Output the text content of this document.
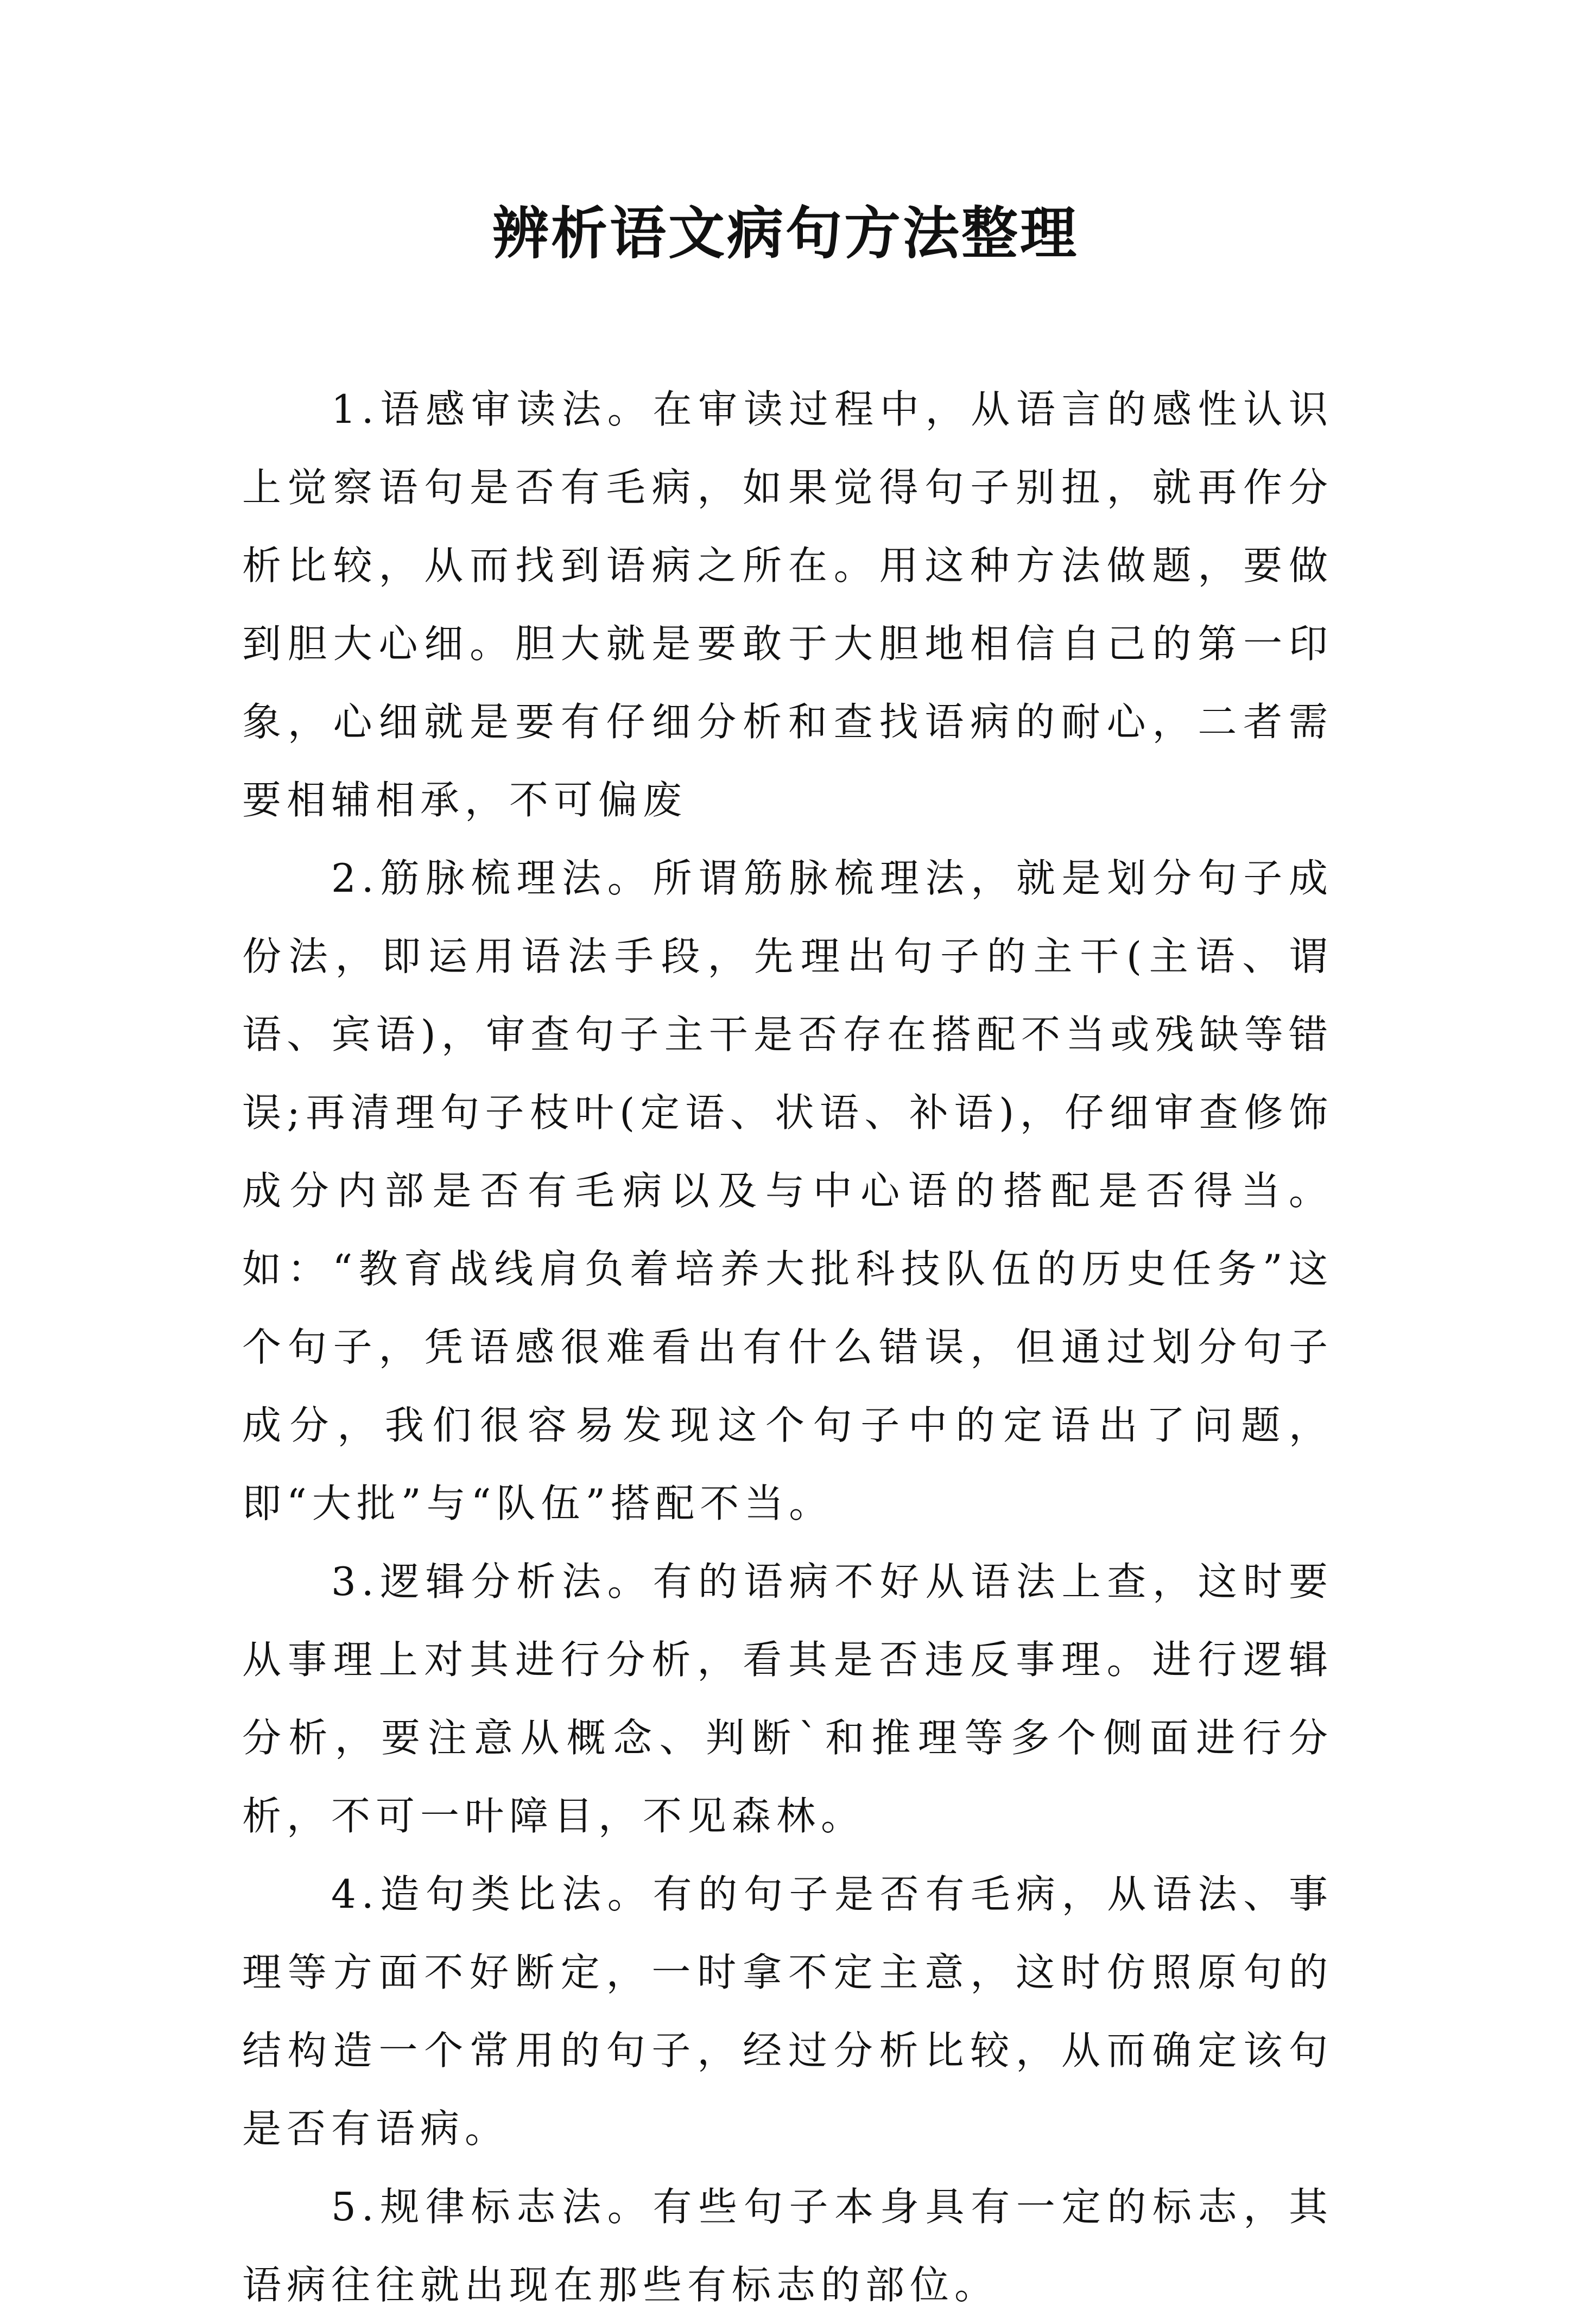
辨析语文病句方法整理

1.语感审读法。在审读过程中，从语言的感性认识上觉察语句是否有毛病，如果觉得句子别扭，就再作分析比较，从而找到语病之所在。用这种方法做题，要做到胆大心细。胆大就是要敢于大胆地相信自己的第一印象，心细就是要有仔细分析和查找语病的耐心，二者需要相辅相承，不可偏废

2.筋脉梳理法。所谓筋脉梳理法，就是划分句子成份法，即运用语法手段，先理出句子的主干(主语、谓语、宾语)，审查句子主干是否存在搭配不当或残缺等错误;再清理句子枝叶(定语、状语、补语)，仔细审查修饰成分内部是否有毛病以及与中心语的搭配是否得当。如：“教育战线肩负着培养大批科技队伍的历史任务”这个句子，凭语感很难看出有什么错误，但通过划分句子成分，我们很容易发现这个句子中的定语出了问题，即“大批”与“队伍”搭配不当。

3.逻辑分析法。有的语病不好从语法上查，这时要从事理上对其进行分析，看其是否违反事理。进行逻辑分析，要注意从概念、判断`和推理等多个侧面进行分析，不可一叶障目，不见森林。

4.造句类比法。有的句子是否有毛病，从语法、事理等方面不好断定，一时拿不定主意，这时仿照原句的结构造一个常用的句子，经过分析比较，从而确定该句是否有语病。

5.规律标志法。有些句子本身具有一定的标志，其语病往往就出现在那些有标志的部位。
